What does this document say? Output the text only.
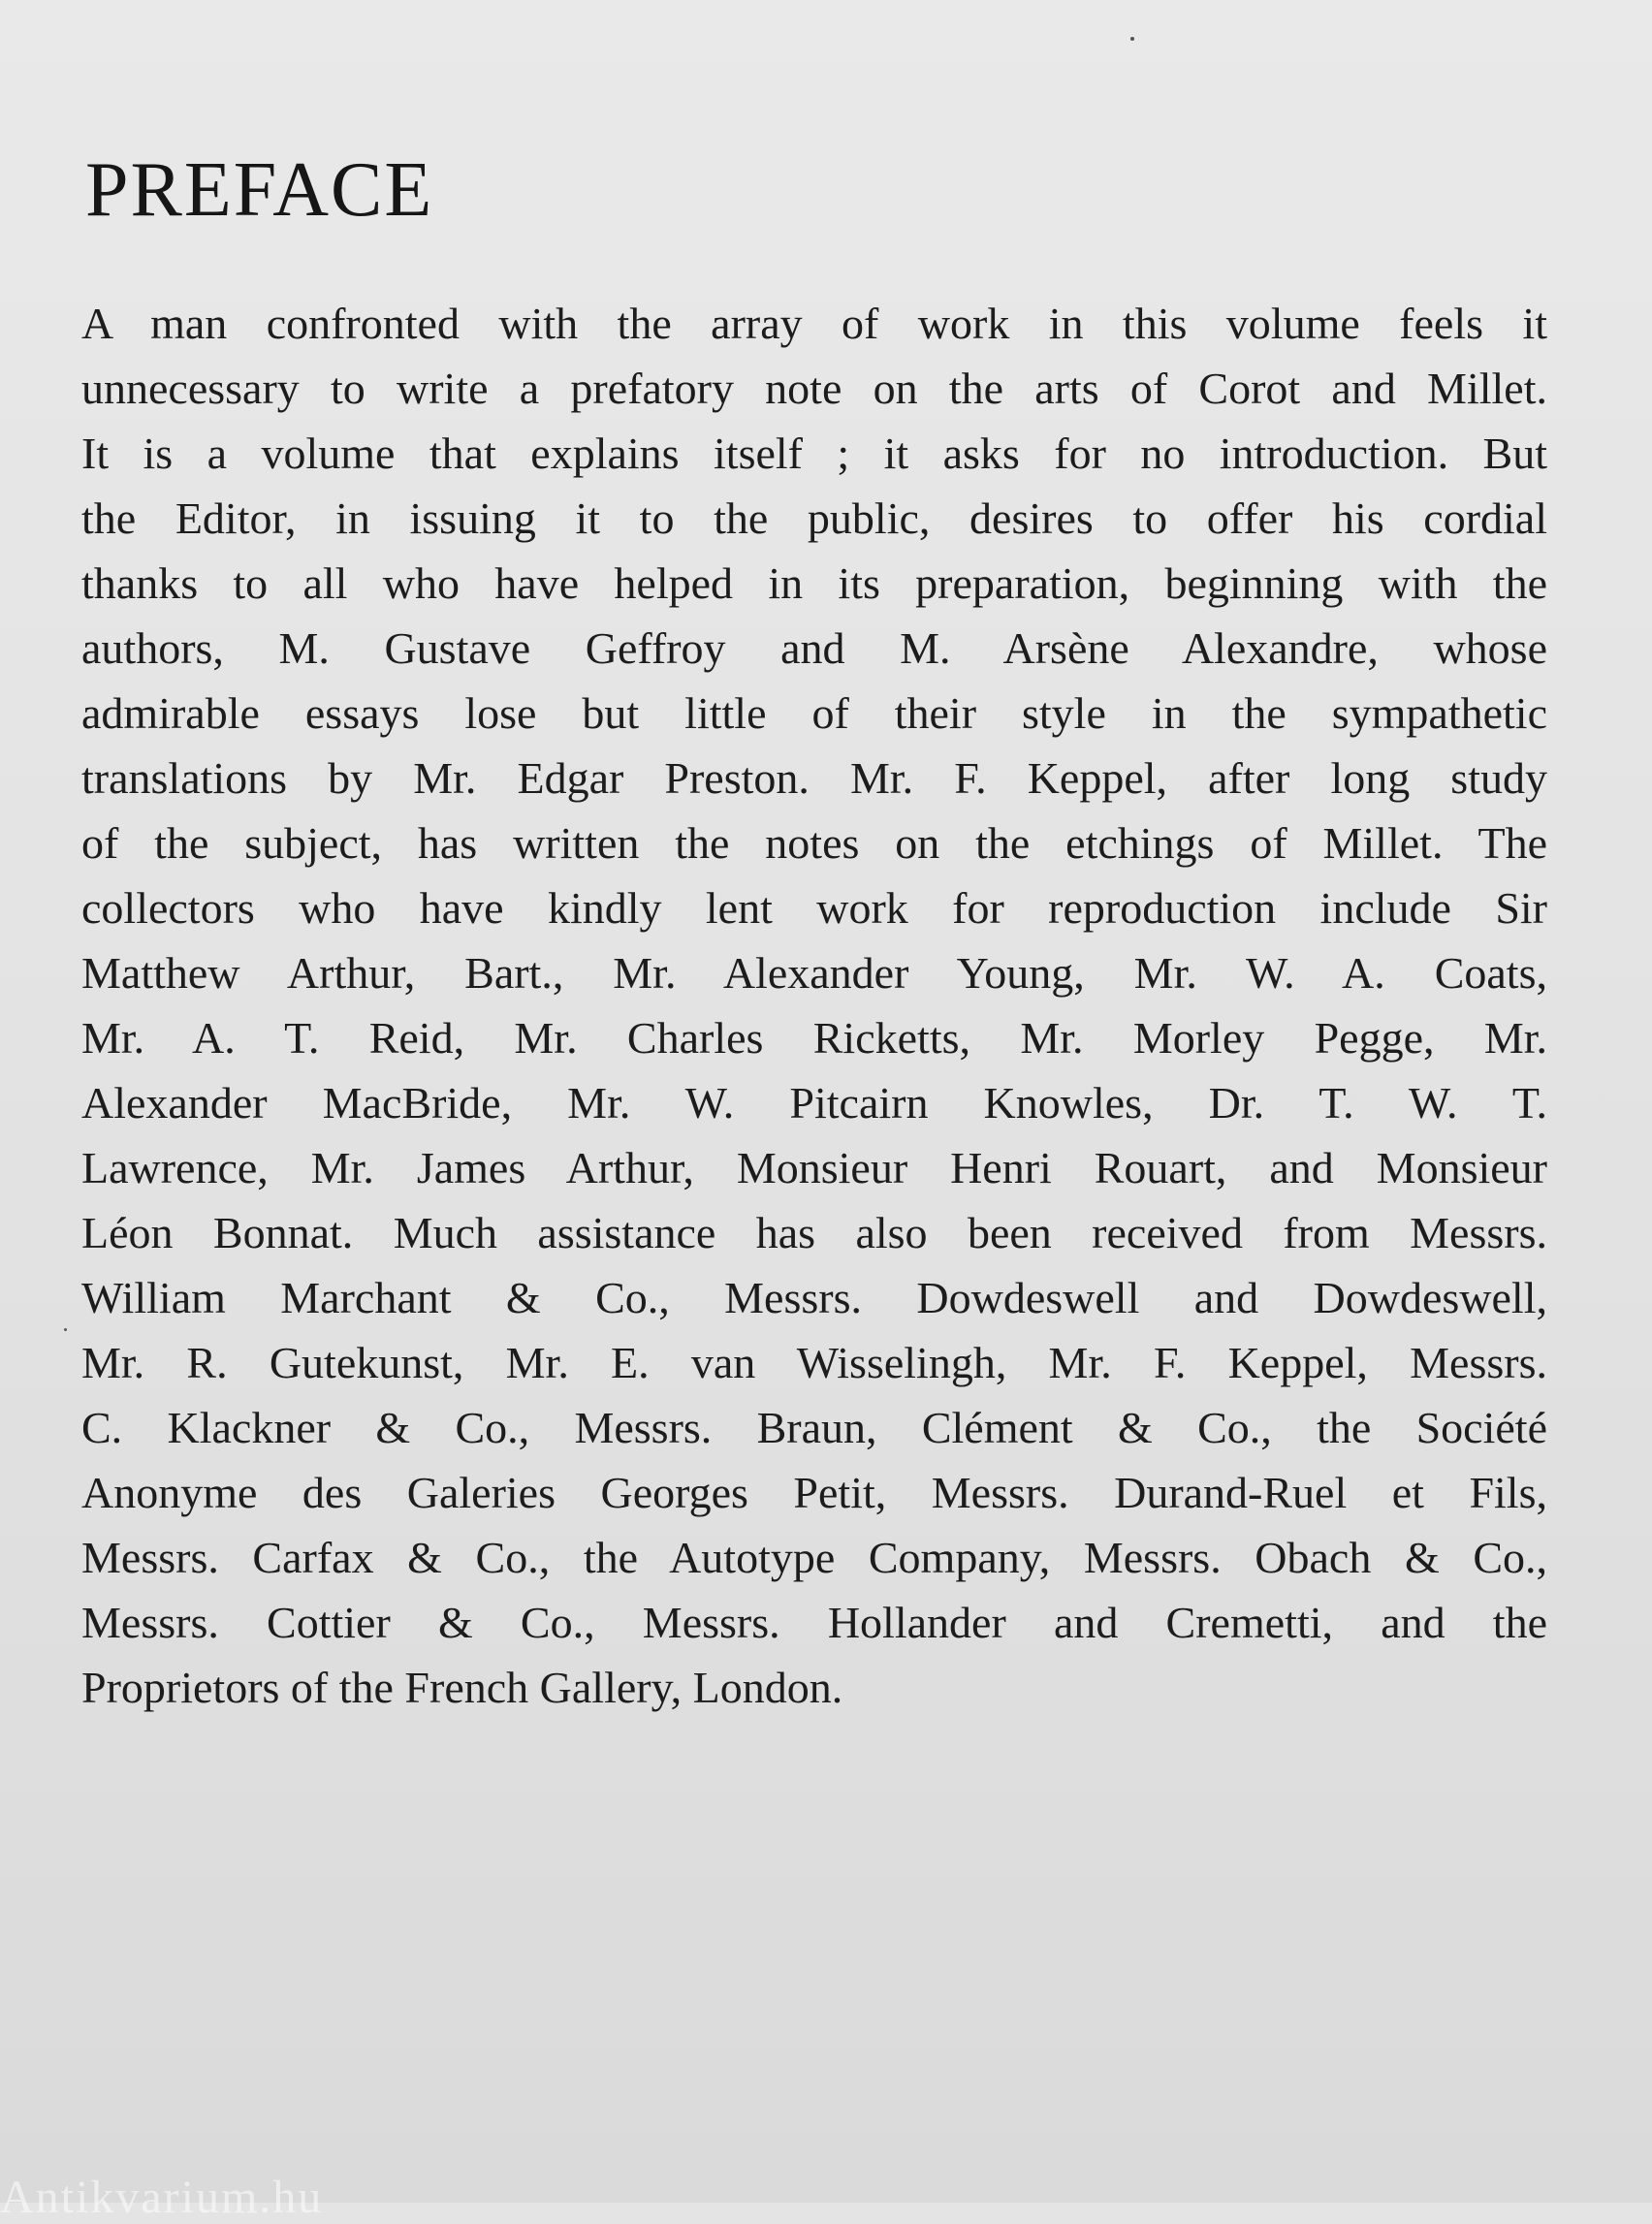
PREFACE
A man confronted with the array of work in this volume feels it
unnecessary to write a prefatory note on the arts of Corot and Millet.
It is a volume that explains itself ; it asks for no introduction. But
the Editor, in issuing it to the public, desires to offer his cordial
thanks to all who have helped in its preparation, beginning with the
authors, M. Gustave Geffroy and M. Arsène Alexandre, whose
admirable essays lose but little of their style in the sympathetic
translations by Mr. Edgar Preston. Mr. F. Keppel, after long study
of the subject, has written the notes on the etchings of Millet. The
collectors who have kindly lent work for reproduction include Sir
Matthew Arthur, Bart., Mr. Alexander Young, Mr. W. A. Coats,
Mr. A. T. Reid, Mr. Charles Ricketts, Mr. Morley Pegge, Mr.
Alexander MacBride, Mr. W. Pitcairn Knowles, Dr. T. W. T.
Lawrence, Mr. James Arthur, Monsieur Henri Rouart, and Monsieur
Léon Bonnat. Much assistance has also been received from Messrs.
William Marchant & Co., Messrs. Dowdeswell and Dowdeswell,
Mr. R. Gutekunst, Mr. E. van Wisselingh, Mr. F. Keppel, Messrs.
C. Klackner & Co., Messrs. Braun, Clément & Co., the Société
Anonyme des Galeries Georges Petit, Messrs. Durand-Ruel et Fils,
Messrs. Carfax & Co., the Autotype Company, Messrs. Obach & Co.,
Messrs. Cottier & Co., Messrs. Hollander and Cremetti, and the
Proprietors of the French Gallery, London.
Antikvarium.hu
